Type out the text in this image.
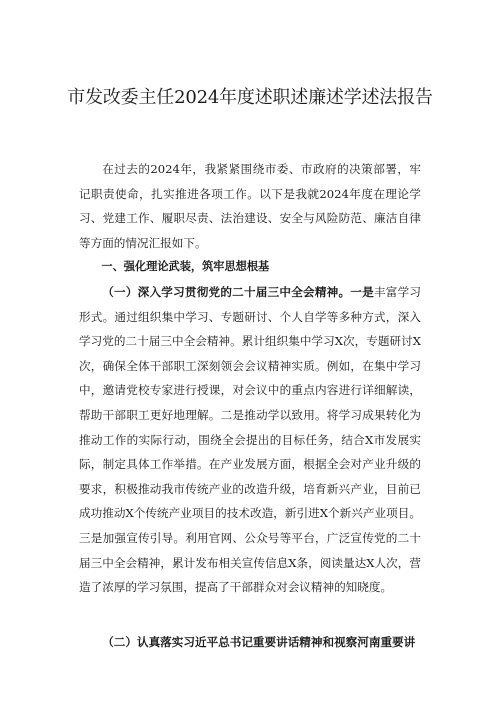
市发改委主任2024年度述职述廉述学述法报告

在过去的2024年，我紧紧围绕市委、市政府的决策部署，牢记职责使命，扎实推进各项工作。以下是我就2024年度在理论学习、党建工作、履职尽责、法治建设、安全与风险防范、廉洁自律等方面的情况汇报如下。

一、强化理论武装，筑牢思想根基

（一）深入学习贯彻党的二十届三中全会精神。一是丰富学习形式。通过组织集中学习、专题研讨、个人自学等多种方式，深入学习党的二十届三中全会精神。累计组织集中学习X次，专题研讨X次，确保全体干部职工深刻领会会议精神实质。例如，在集中学习中，邀请党校专家进行授课，对会议中的重点内容进行详细解读，帮助干部职工更好地理解。二是推动学以致用。将学习成果转化为推动工作的实际行动，围绕全会提出的目标任务，结合X市发展实际，制定具体工作举措。在产业发展方面，根据全会对产业升级的要求，积极推动我市传统产业的改造升级，培育新兴产业，目前已成功推动X个传统产业项目的技术改造，新引进X个新兴产业项目。三是加强宣传引导。利用官网、公众号等平台，广泛宣传党的二十届三中全会精神，累计发布相关宣传信息X条，阅读量达X人次，营造了浓厚的学习氛围，提高了干部群众对会议精神的知晓度。

（二）认真落实习近平总书记重要讲话精神和视察河南重要讲
